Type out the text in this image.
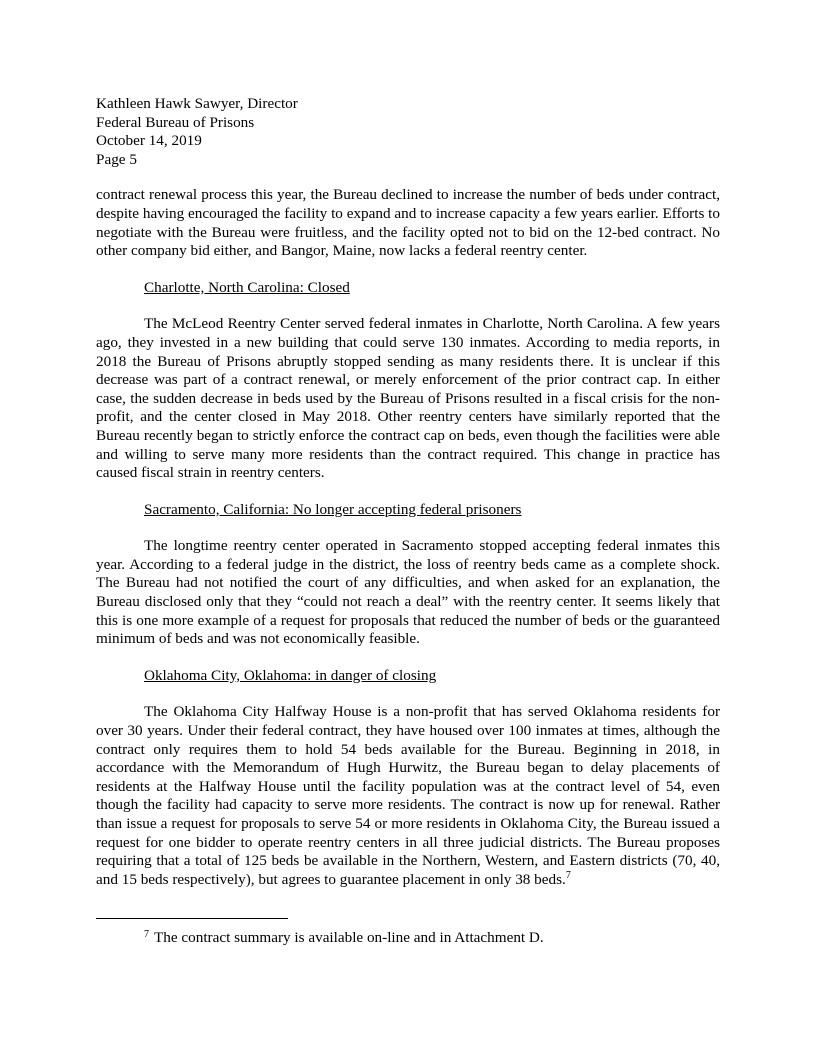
Kathleen Hawk Sawyer, Director
Federal Bureau of Prisons
October 14, 2019
Page 5

contract renewal process this year, the Bureau declined to increase the number of beds under contract, despite having encouraged the facility to expand and to increase capacity a few years earlier. Efforts to negotiate with the Bureau were fruitless, and the facility opted not to bid on the 12-bed contract. No other company bid either, and Bangor, Maine, now lacks a federal reentry center.

Charlotte, North Carolina: Closed

The McLeod Reentry Center served federal inmates in Charlotte, North Carolina. A few years ago, they invested in a new building that could serve 130 inmates. According to media reports, in 2018 the Bureau of Prisons abruptly stopped sending as many residents there. It is unclear if this decrease was part of a contract renewal, or merely enforcement of the prior contract cap. In either case, the sudden decrease in beds used by the Bureau of Prisons resulted in a fiscal crisis for the non-profit, and the center closed in May 2018. Other reentry centers have similarly reported that the Bureau recently began to strictly enforce the contract cap on beds, even though the facilities were able and willing to serve many more residents than the contract required. This change in practice has caused fiscal strain in reentry centers.

Sacramento, California: No longer accepting federal prisoners

The longtime reentry center operated in Sacramento stopped accepting federal inmates this year. According to a federal judge in the district, the loss of reentry beds came as a complete shock. The Bureau had not notified the court of any difficulties, and when asked for an explanation, the Bureau disclosed only that they “could not reach a deal” with the reentry center. It seems likely that this is one more example of a request for proposals that reduced the number of beds or the guaranteed minimum of beds and was not economically feasible.

Oklahoma City, Oklahoma: in danger of closing

The Oklahoma City Halfway House is a non-profit that has served Oklahoma residents for over 30 years. Under their federal contract, they have housed over 100 inmates at times, although the contract only requires them to hold 54 beds available for the Bureau. Beginning in 2018, in accordance with the Memorandum of Hugh Hurwitz, the Bureau began to delay placements of residents at the Halfway House until the facility population was at the contract level of 54, even though the facility had capacity to serve more residents. The contract is now up for renewal. Rather than issue a request for proposals to serve 54 or more residents in Oklahoma City, the Bureau issued a request for one bidder to operate reentry centers in all three judicial districts. The Bureau proposes requiring that a total of 125 beds be available in the Northern, Western, and Eastern districts (70, 40, and 15 beds respectively), but agrees to guarantee placement in only 38 beds.$^7$

$^7$ The contract summary is available on-line and in Attachment D.
